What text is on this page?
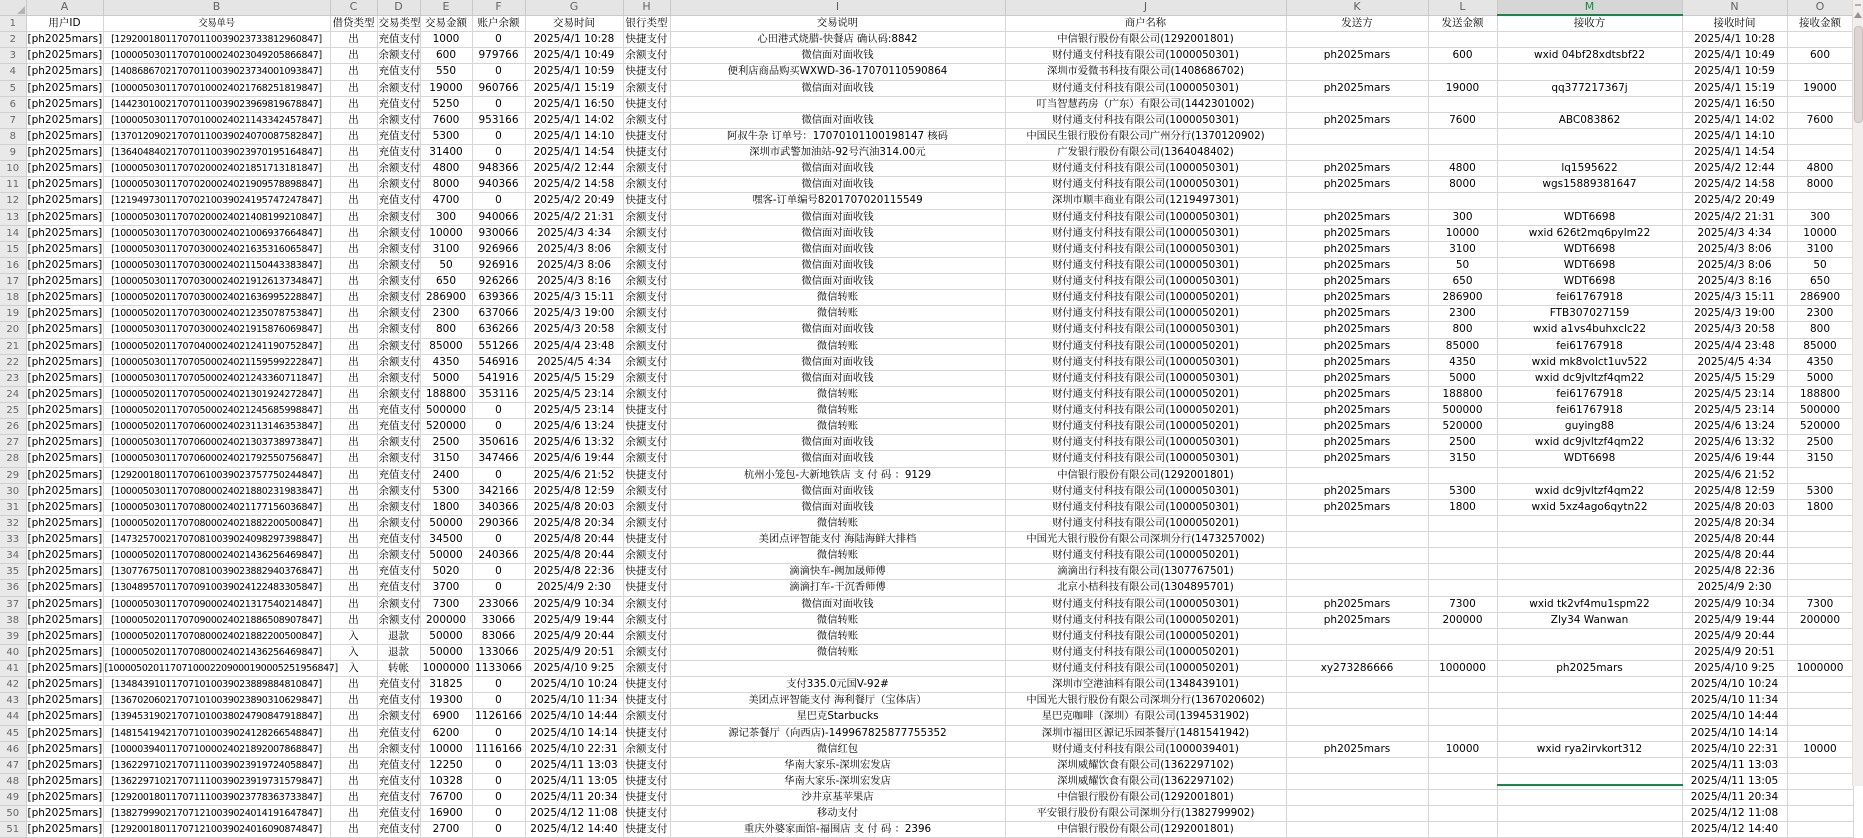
	A	B	C	D	E	F	G	H	I	J	K	L	M	N	O
1	用户ID	交易单号	借贷类型	交易类型	交易金额	账户余额	交易时间	银行类型	交易说明	商户名称	发送方	发送金额	接收方	接收时间	接收金额
2	[ph2025mars]	[129200180117070110039023733812960847]	出	充值支付	1000	0	2025/4/1 10:28	快捷支付	心田港式烧腊-快餐店 确认码:8842	中信银行股份有限公司(1292001801)				2025/4/1 10:28	
3	[ph2025mars]	[100005030117070100024023049205866847]	出	余额支付	600	979766	2025/4/1 10:49	余额支付	微信面对面收钱	财付通支付科技有限公司(1000050301)	ph2025mars	600	wxid 04bf28xdtsbf22	2025/4/1 10:49	600
4	[ph2025mars]	[140868670217070110039023734001093847]	出	充值支付	550	0	2025/4/1 10:59	快捷支付	便利店商品购买WXWD-36-17070110590864	深圳市爱微书科技有限公司(1408686702)				2025/4/1 10:59	
5	[ph2025mars]	[100005030117070100024021768251819847]	出	余额支付	19000	960766	2025/4/1 15:19	余额支付	微信面对面收钱	财付通支付科技有限公司(1000050301)	ph2025mars	19000	qq377217367j	2025/4/1 15:19	19000
6	[ph2025mars]	[144230100217070110039023969819678847]	出	充值支付	5250	0	2025/4/1 16:50	快捷支付		叮当智慧药房（广东）有限公司(1442301002)				2025/4/1 16:50	
7	[ph2025mars]	[100005030117070100024021143342457847]	出	余额支付	7600	953166	2025/4/1 14:02	余额支付	微信面对面收钱	财付通支付科技有限公司(1000050301)	ph2025mars	7600	ABC083862	2025/4/1 14:02	7600
8	[ph2025mars]	[137012090217070110039024070087582847]	出	充值支付	5300	0	2025/4/1 14:10	快捷支付	阿叔牛杂 订单号：17070101100198147 核码	中国民生银行股份有限公司广州分行(1370120902)				2025/4/1 14:10	
9	[ph2025mars]	[136404840217070110039023970195164847]	出	充值支付	31400	0	2025/4/1 14:54	快捷支付	深圳市武警加油站-92号汽油314.00元	广发银行股份有限公司(1364048402)				2025/4/1 14:54	
10	[ph2025mars]	[100005030117070200024021851713181847]	出	余额支付	4800	948366	2025/4/2 12:44	余额支付	微信面对面收钱	财付通支付科技有限公司(1000050301)	ph2025mars	4800	lq1595622	2025/4/2 12:44	4800
11	[ph2025mars]	[100005030117070200024021909578898847]	出	余额支付	8000	940366	2025/4/2 14:58	余额支付	微信面对面收钱	财付通支付科技有限公司(1000050301)	ph2025mars	8000	wgs15889381647	2025/4/2 14:58	8000
12	[ph2025mars]	[121949730117070210039024195747247847]	出	充值支付	4700	0	2025/4/2 20:49	快捷支付	嘿客-订单编号8201707020115549	深圳市顺丰商业有限公司(1219497301)				2025/4/2 20:49	
13	[ph2025mars]	[100005030117070200024021408199210847]	出	余额支付	300	940066	2025/4/2 21:31	余额支付	微信面对面收钱	财付通支付科技有限公司(1000050301)	ph2025mars	300	WDT6698	2025/4/2 21:31	300
14	[ph2025mars]	[100005030117070300024021006937664847]	出	余额支付	10000	930066	2025/4/3 4:34	余额支付	微信面对面收钱	财付通支付科技有限公司(1000050301)	ph2025mars	10000	wxid 626t2mq6pylm22	2025/4/3 4:34	10000
15	[ph2025mars]	[100005030117070300024021635316065847]	出	余额支付	3100	926966	2025/4/3 8:06	余额支付	微信面对面收钱	财付通支付科技有限公司(1000050301)	ph2025mars	3100	WDT6698	2025/4/3 8:06	3100
16	[ph2025mars]	[100005030117070300024021150443383847]	出	余额支付	50	926916	2025/4/3 8:06	余额支付	微信面对面收钱	财付通支付科技有限公司(1000050301)	ph2025mars	50	WDT6698	2025/4/3 8:06	50
17	[ph2025mars]	[100005030117070300024021912613734847]	出	余额支付	650	926266	2025/4/3 8:16	余额支付	微信面对面收钱	财付通支付科技有限公司(1000050301)	ph2025mars	650	WDT6698	2025/4/3 8:16	650
18	[ph2025mars]	[100005020117070300024021636995228847]	出	余额支付	286900	639366	2025/4/3 15:11	余额支付	微信转账	财付通支付科技有限公司(1000050201)	ph2025mars	286900	fei61767918	2025/4/3 15:11	286900
19	[ph2025mars]	[100005020117070300024021235078753847]	出	余额支付	2300	637066	2025/4/3 19:00	余额支付	微信转账	财付通支付科技有限公司(1000050201)	ph2025mars	2300	FTB307027159	2025/4/3 19:00	2300
20	[ph2025mars]	[100005030117070300024021915876069847]	出	余额支付	800	636266	2025/4/3 20:58	余额支付	微信面对面收钱	财付通支付科技有限公司(1000050301)	ph2025mars	800	wxid a1vs4buhxclc22	2025/4/3 20:58	800
21	[ph2025mars]	[100005020117070400024021241190752847]	出	余额支付	85000	551266	2025/4/4 23:48	余额支付	微信转账	财付通支付科技有限公司(1000050201)	ph2025mars	85000	fei61767918	2025/4/4 23:48	85000
22	[ph2025mars]	[100005030117070500024021159599222847]	出	余额支付	4350	546916	2025/4/5 4:34	余额支付	微信面对面收钱	财付通支付科技有限公司(1000050301)	ph2025mars	4350	wxid mk8volct1uv522	2025/4/5 4:34	4350
23	[ph2025mars]	[100005030117070500024021243360711847]	出	余额支付	5000	541916	2025/4/5 15:29	余额支付	微信面对面收钱	财付通支付科技有限公司(1000050301)	ph2025mars	5000	wxid dc9jvltzf4qm22	2025/4/5 15:29	5000
24	[ph2025mars]	[100005020117070500024021301924272847]	出	余额支付	188800	353116	2025/4/5 23:14	余额支付	微信转账	财付通支付科技有限公司(1000050201)	ph2025mars	188800	fei61767918	2025/4/5 23:14	188800
25	[ph2025mars]	[100005020117070500024021245685998847]	出	充值支付	500000	0	2025/4/5 23:14	快捷支付	微信转账	财付通支付科技有限公司(1000050201)	ph2025mars	500000	fei61767918	2025/4/5 23:14	500000
26	[ph2025mars]	[100005020117070600024023113146353847]	出	充值支付	520000	0	2025/4/6 13:24	快捷支付	微信转账	财付通支付科技有限公司(1000050201)	ph2025mars	520000	guying88	2025/4/6 13:24	520000
27	[ph2025mars]	[100005030117070600024021303738973847]	出	余额支付	2500	350616	2025/4/6 13:32	余额支付	微信面对面收钱	财付通支付科技有限公司(1000050301)	ph2025mars	2500	wxid dc9jvltzf4qm22	2025/4/6 13:32	2500
28	[ph2025mars]	[100005030117070600024021792550756847]	出	余额支付	3150	347466	2025/4/6 19:44	余额支付	微信面对面收钱	财付通支付科技有限公司(1000050301)	ph2025mars	3150	WDT6698	2025/4/6 19:44	3150
29	[ph2025mars]	[129200180117070610039023757750244847]	出	充值支付	2400	0	2025/4/6 21:52	快捷支付	杭州小笼包-大新地铁店 支 付 码 ：9129	中信银行股份有限公司(1292001801)				2025/4/6 21:52	
30	[ph2025mars]	[100005030117070800024021880231983847]	出	余额支付	5300	342166	2025/4/8 12:59	余额支付	微信面对面收钱	财付通支付科技有限公司(1000050301)	ph2025mars	5300	wxid dc9jvltzf4qm22	2025/4/8 12:59	5300
31	[ph2025mars]	[100005030117070800024021177156036847]	出	余额支付	1800	340366	2025/4/8 20:03	余额支付	微信面对面收钱	财付通支付科技有限公司(1000050301)	ph2025mars	1800	wxid 5xz4ago6qytn22	2025/4/8 20:03	1800
32	[ph2025mars]	[100005020117070800024021882200500847]	出	余额支付	50000	290366	2025/4/8 20:34	余额支付	微信转账	财付通支付科技有限公司(1000050201)				2025/4/8 20:34	
33	[ph2025mars]	[147325700217070810039024098297398847]	出	充值支付	34500	0	2025/4/8 20:44	快捷支付	美团点评智能支付 海陆海鲜大排档	中国光大银行股份有限公司深圳分行(1473257002)				2025/4/8 20:44	
34	[ph2025mars]	[100005020117070800024021436256469847]	出	余额支付	50000	240366	2025/4/8 20:44	余额支付	微信转账	财付通支付科技有限公司(1000050201)				2025/4/8 20:44	
35	[ph2025mars]	[130776750117070810039023882940376847]	出	充值支付	5020	0	2025/4/8 22:36	快捷支付	滴滴快车-阙加晟师傅	滴滴出行科技有限公司(1307767501)				2025/4/8 22:36	
36	[ph2025mars]	[130489570117070910039024122483305847]	出	充值支付	3700	0	2025/4/9 2:30	快捷支付	滴滴打车-干沉香师傅	北京小桔科技有限公司(1304895701)				2025/4/9 2:30	
37	[ph2025mars]	[100005030117070900024021317540214847]	出	余额支付	7300	233066	2025/4/9 10:34	余额支付	微信面对面收钱	财付通支付科技有限公司(1000050301)	ph2025mars	7300	wxid tk2vf4mu1spm22	2025/4/9 10:34	7300
38	[ph2025mars]	[100005020117070900024021886508907847]	出	余额支付	200000	33066	2025/4/9 19:44	余额支付	微信转账	财付通支付科技有限公司(1000050201)	ph2025mars	200000	Zly34 Wanwan	2025/4/9 19:44	200000
39	[ph2025mars]	[100005020117070800024021882200500847]	入	退款	50000	83066	2025/4/9 20:44	余额支付	微信转账	财付通支付科技有限公司(1000050201)				2025/4/9 20:44	
40	[ph2025mars]	[100005020117070800024021436256469847]	入	退款	50000	133066	2025/4/9 20:51	余额支付	微信转账	财付通支付科技有限公司(1000050201)				2025/4/9 20:51	
41	[ph2025mars]	[1000050201170710002209000190005251956847]	入	转帐	1000000	1133066	2025/4/10 9:25	余额支付		财付通支付科技有限公司(1000050201)	xy273286666	1000000	ph2025mars	2025/4/10 9:25	1000000
42	[ph2025mars]	[134843910117071010039023889884810847]	出	充值支付	31825	0	2025/4/10 10:24	快捷支付	支付335.0元国V-92#	深圳市空港油料有限公司(1348439101)				2025/4/10 10:24	
43	[ph2025mars]	[136702060217071010039023890310629847]	出	充值支付	19300	0	2025/4/10 11:34	快捷支付	美团点评智能支付 海利餐厅（宝体店）	中国光大银行股份有限公司深圳分行(1367020602)				2025/4/10 11:34	
44	[ph2025mars]	[139453190217071010038024790847918847]	出	余额支付	6900	1126166	2025/4/10 14:44	余额支付	星巴克Starbucks	星巴克咖啡（深圳）有限公司(1394531902)				2025/4/10 14:44	
45	[ph2025mars]	[148154194217071010039024128266548847]	出	充值支付	6200	0	2025/4/10 14:14	快捷支付	源记茶餐厅（向西店)-149967825877755352	深圳市福田区源记乐园茶餐厅(1481541942)				2025/4/10 14:14	
46	[ph2025mars]	[100003940117071000024021892007868847]	出	余额支付	10000	1116166	2025/4/10 22:31	余额支付	微信红包	财付通支付科技有限公司(1000039401)	ph2025mars	10000	wxid rya2irvkort312	2025/4/10 22:31	10000
47	[ph2025mars]	[136229710217071110039023919724058847]	出	充值支付	12250	0	2025/4/11 13:03	快捷支付	华南大家乐-深圳宏发店	深圳威耀饮食有限公司(1362297102)				2025/4/11 13:03	
48	[ph2025mars]	[136229710217071110039023919731579847]	出	充值支付	10328	0	2025/4/11 13:05	快捷支付	华南大家乐-深圳宏发店	深圳威耀饮食有限公司(1362297102)				2025/4/11 13:05	
49	[ph2025mars]	[129200180117071110039023778363733847]	出	充值支付	76700	0	2025/4/11 20:34	快捷支付	沙井京基苹果店	中信银行股份有限公司(1292001801)				2025/4/11 20:34	
50	[ph2025mars]	[138279990217071210039024014191647847]	出	充值支付	16900	0	2025/4/12 11:08	快捷支付	移动支付	平安银行股份有限公司深圳分行(1382799902)				2025/4/12 11:08	
51	[ph2025mars]	[129200180117071210039024016090874847]	出	充值支付	2700	0	2025/4/12 14:40	快捷支付	重庆外婆家面馆-福围店 支 付 码 ：2396	中信银行股份有限公司(1292001801)				2025/4/12 14:40	
